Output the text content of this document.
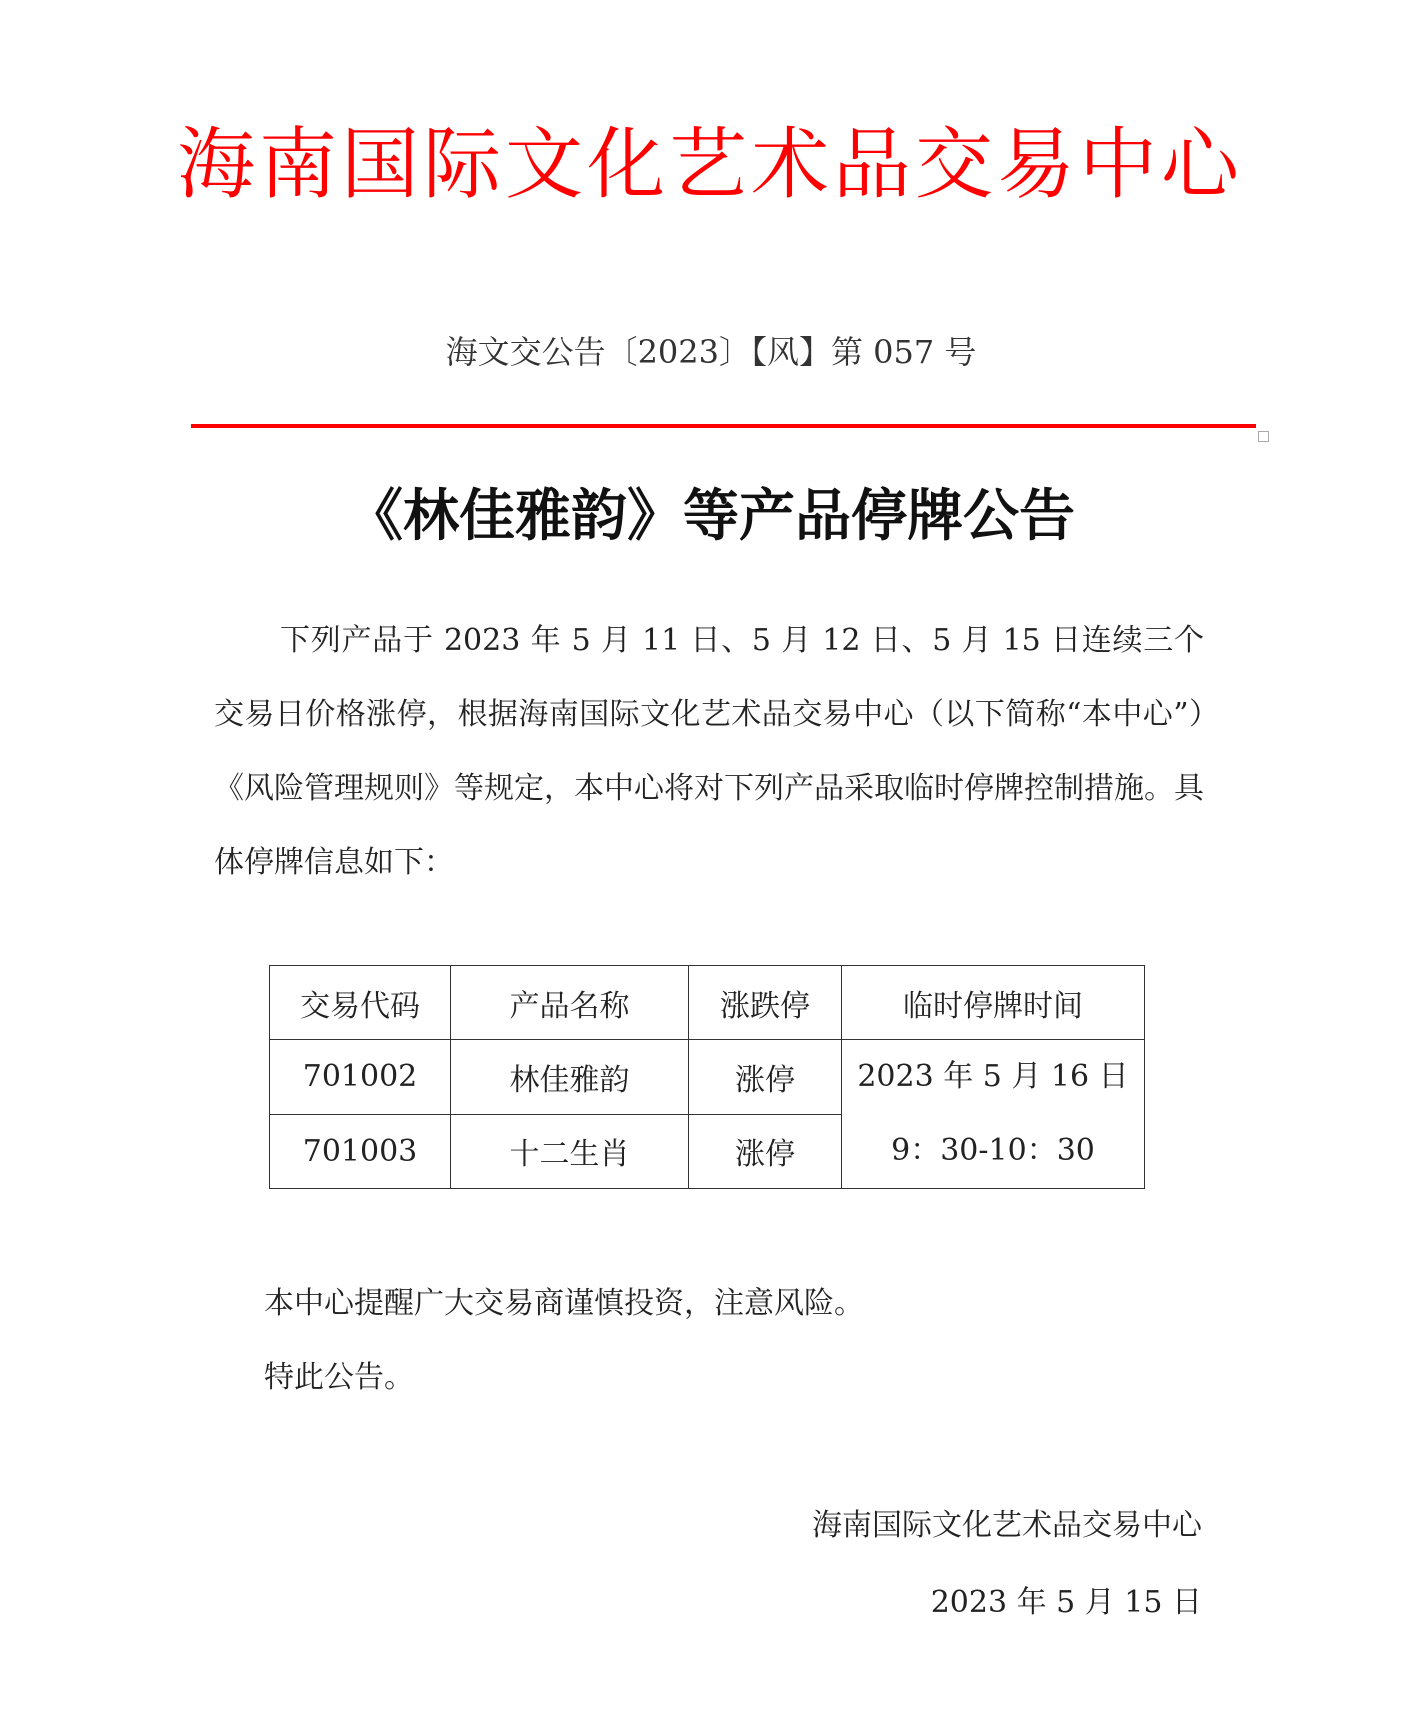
海南国际文化艺术品交易中心
海文交公告〔2023〕【风】第 057 号
《林佳雅韵》等产品停牌公告
下列产品于 2023 年 5 月 11 日、5 月 12 日、5 月 15 日连续三个交易日价格涨停，根据海南国际文化艺术品交易中心（以下简称“本中心”）《风险管理规则》等规定，本中心将对下列产品采取临时停牌控制措施。具体停牌信息如下：
交易代码	产品名称	涨跌停	临时停牌时间
701002	林佳雅韵	涨停	2023 年 5 月 16 日
9：30-10：30

701003	十二生肖	涨停	
本中心提醒广大交易商谨慎投资，注意风险。
特此公告。
海南国际文化艺术品交易中心
2023 年 5 月 15 日
